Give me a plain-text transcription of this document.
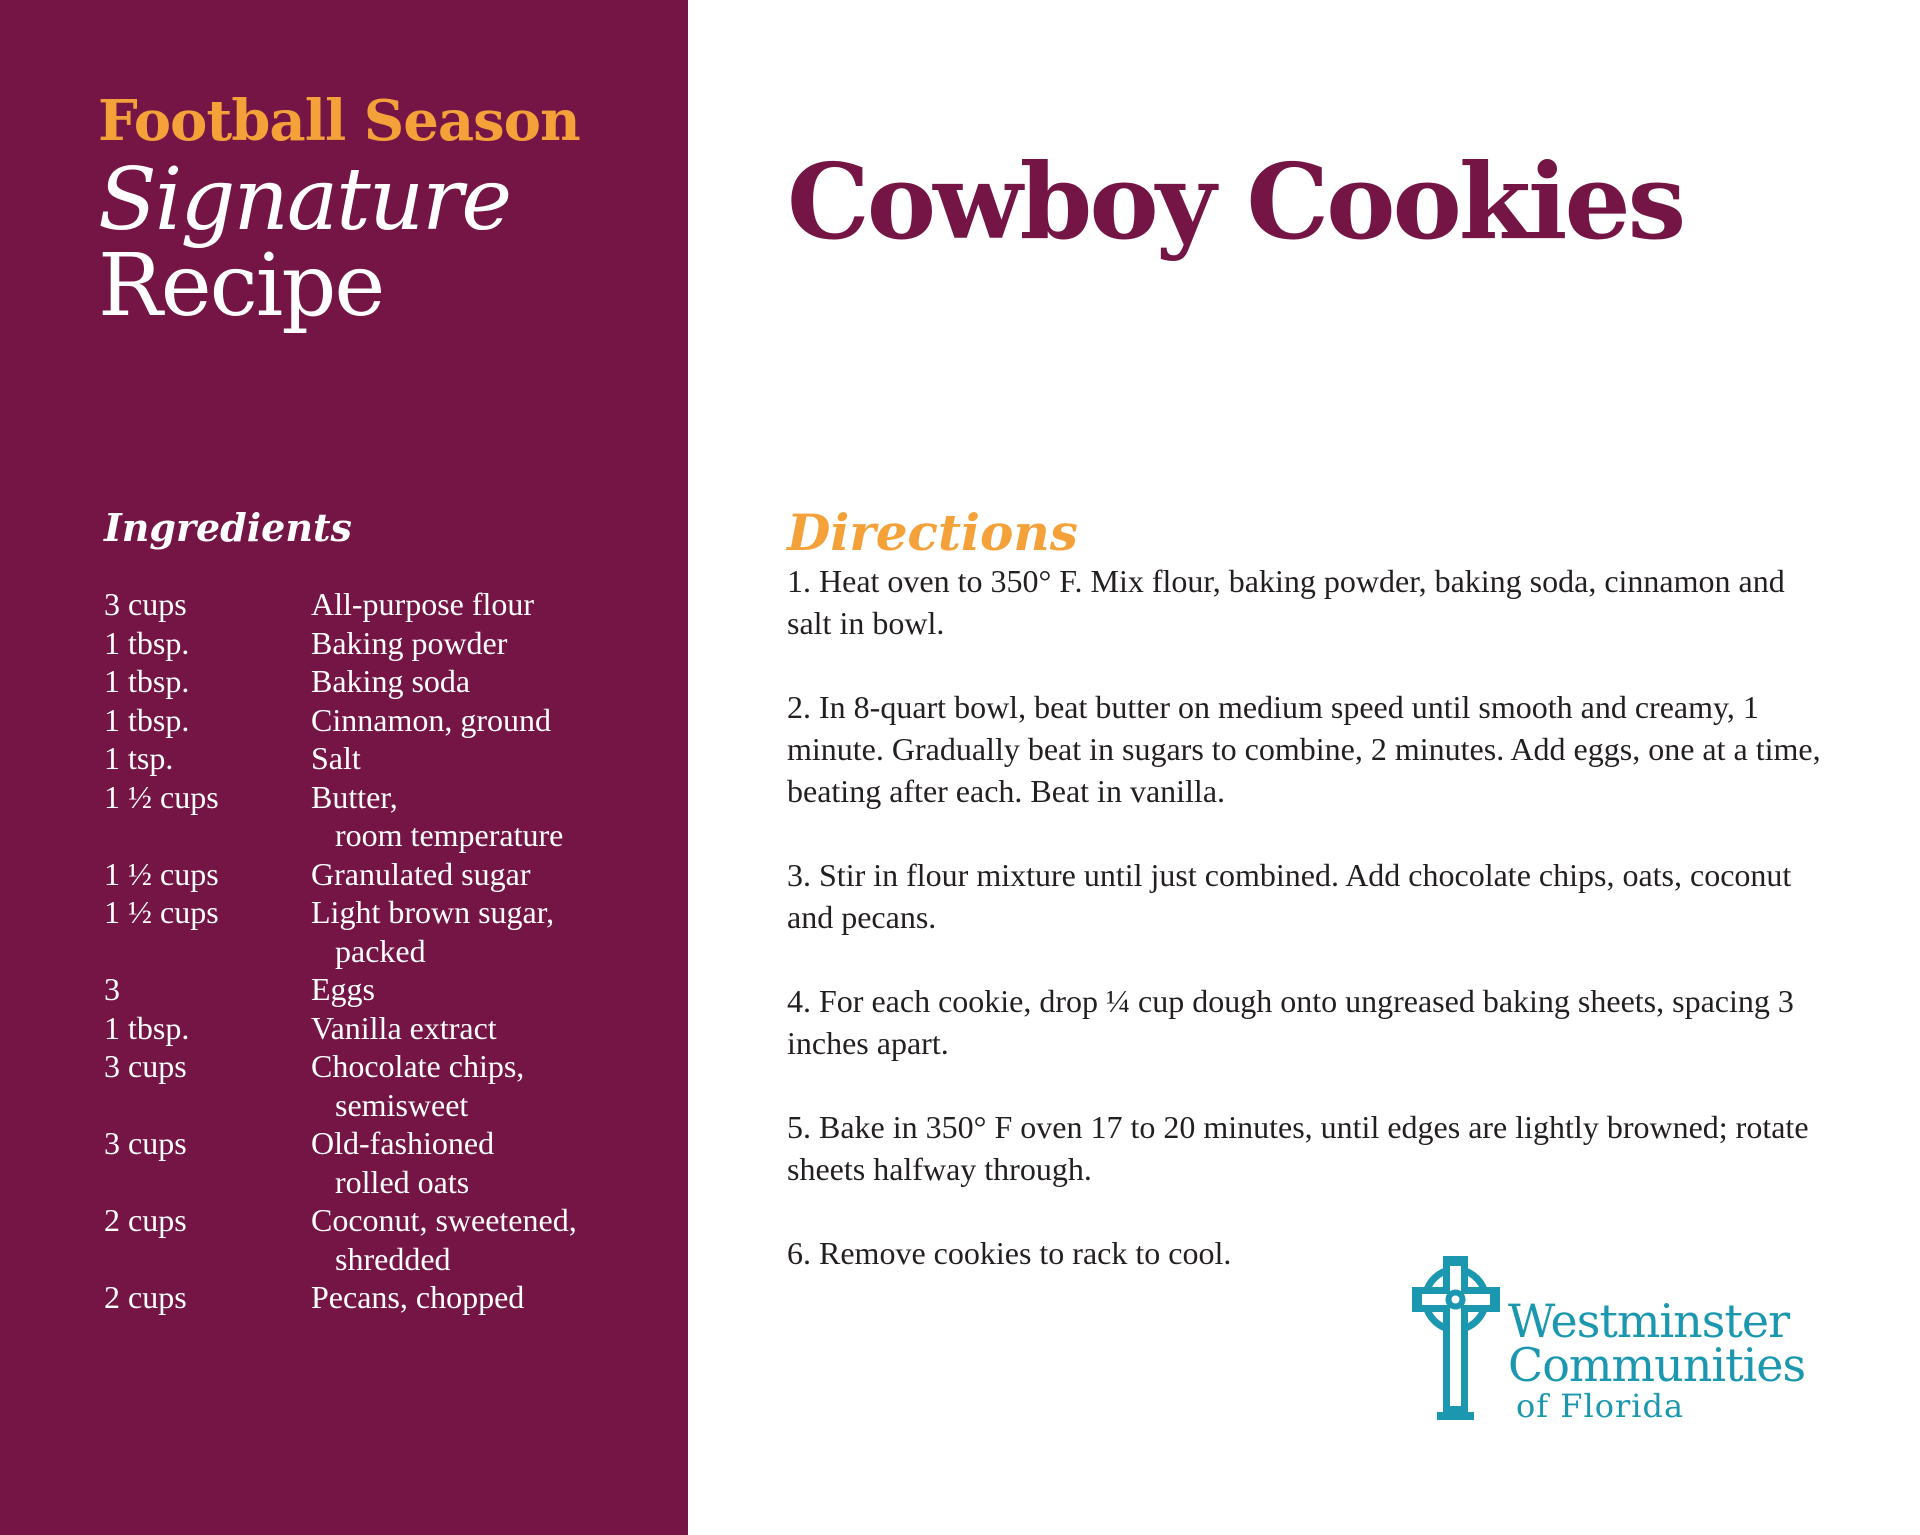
Football Season
Signature
Recipe
Ingredients
3 cups	All-purpose flour
1 tbsp.	Baking powder
1 tbsp.	Baking soda
1 tbsp.	Cinnamon, ground
1 tsp.	Salt
1 ½ cups	Butter,
room temperature
1 ½ cups	Granulated sugar
1 ½ cups	Light brown sugar,
packed
3	Eggs
1 tbsp.	Vanilla extract
3 cups	Chocolate chips,
semisweet
3 cups	Old-fashioned
rolled oats
2 cups	Coconut, sweetened,
shredded
2 cups	Pecans, chopped
Cowboy Cookies
Directions
1. Heat oven to 350° F. Mix flour, baking powder, baking soda, cinnamon and salt in bowl.
2. In 8-quart bowl, beat butter on medium speed until smooth and creamy, 1 minute. Gradually beat in sugars to combine, 2 minutes. Add eggs, one at a time, beating after each. Beat in vanilla.
3. Stir in flour mixture until just combined. Add chocolate chips, oats, coconut and pecans.
4. For each cookie, drop ¼ cup dough onto ungreased baking sheets, spacing 3 inches apart.
5. Bake in 350° F oven 17 to 20 minutes, until edges are lightly browned; rotate sheets halfway through.
6. Remove cookies to rack to cool.
Westminster
Communities
of Florida
